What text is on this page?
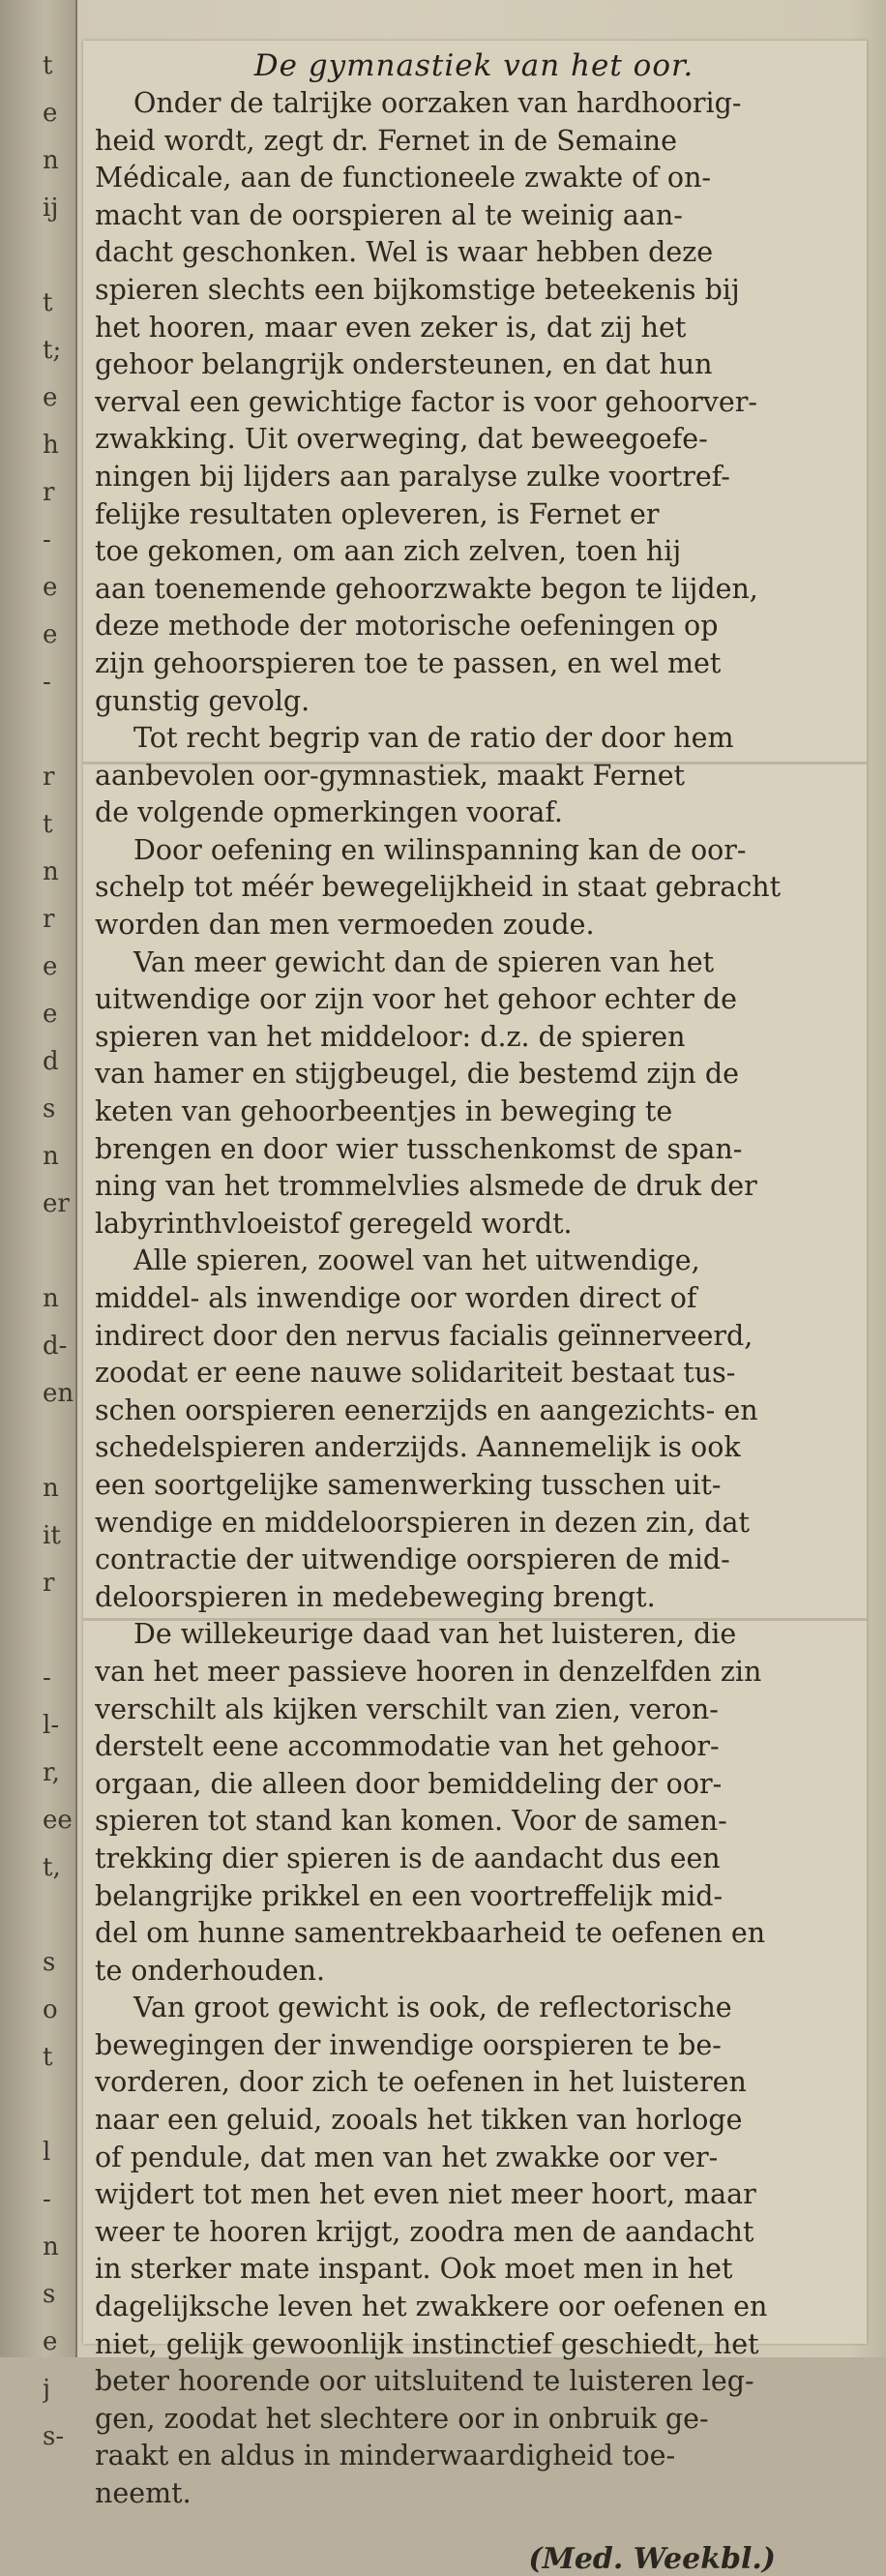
t
e
n
ij
t
t;
e
h
r
-
e
e
-
r
t
n
r
e
e
d
s
n
er
n
d-
en
n
it
r
-
l-
r,
ee
t,
s
o
t
l
-
n
s
e
j
s-
De gymnastiek van het oor.
Onder de talrijke oorzaken van hardhoorig-
heid wordt, zegt dr. Fernet in de Semaine
Médicale, aan de functioneele zwakte of on-
macht van de oorspieren al te weinig aan-
dacht geschonken. Wel is waar hebben deze
spieren slechts een bijkomstige beteekenis bij
het hooren, maar even zeker is, dat zij het
gehoor belangrijk ondersteunen, en dat hun
verval een gewichtige factor is voor gehoorver-
zwakking. Uit overweging, dat beweegoefe-
ningen bij lijders aan paralyse zulke voortref-
felijke resultaten opleveren, is Fernet er
toe gekomen, om aan zich zelven, toen hij
aan toenemende gehoorzwakte begon te lijden,
deze methode der motorische oefeningen op
zijn gehoorspieren toe te passen, en wel met
gunstig gevolg.
Tot recht begrip van de ratio der door hem
aanbevolen oor-gymnastiek, maakt Fernet
de volgende opmerkingen vooraf.
Door oefening en wilinspanning kan de oor-
schelp tot méér bewegelijkheid in staat gebracht
worden dan men vermoeden zoude.
Van meer gewicht dan de spieren van het
uitwendige oor zijn voor het gehoor echter de
spieren van het middeloor: d.z. de spieren
van hamer en stijgbeugel, die bestemd zijn de
keten van gehoorbeentjes in beweging te
brengen en door wier tusschenkomst de span-
ning van het trommelvlies alsmede de druk der
labyrinthvloeistof geregeld wordt.
Alle spieren, zoowel van het uitwendige,
middel- als inwendige oor worden direct of
indirect door den nervus facialis geïnnerveerd,
zoodat er eene nauwe solidariteit bestaat tus-
schen oorspieren eenerzijds en aangezichts- en
schedelspieren anderzijds. Aannemelijk is ook
een soortgelijke samenwerking tusschen uit-
wendige en middeloorspieren in dezen zin, dat
contractie der uitwendige oorspieren de mid-
deloorspieren in medebeweging brengt.
De willekeurige daad van het luisteren, die
van het meer passieve hooren in denzelfden zin
verschilt als kijken verschilt van zien, veron-
derstelt eene accommodatie van het gehoor-
orgaan, die alleen door bemiddeling der oor-
spieren tot stand kan komen. Voor de samen-
trekking dier spieren is de aandacht dus een
belangrijke prikkel en een voortreffelijk mid-
del om hunne samentrekbaarheid te oefenen en
te onderhouden.
Van groot gewicht is ook, de reflectorische
bewegingen der inwendige oorspieren te be-
vorderen, door zich te oefenen in het luisteren
naar een geluid, zooals het tikken van horloge
of pendule, dat men van het zwakke oor ver-
wijdert tot men het even niet meer hoort, maar
weer te hooren krijgt, zoodra men de aandacht
in sterker mate inspant. Ook moet men in het
dagelijksche leven het zwakkere oor oefenen en
niet, gelijk gewoonlijk instinctief geschiedt, het
beter hoorende oor uitsluitend te luisteren leg-
gen, zoodat het slechtere oor in onbruik ge-
raakt en aldus in minderwaardigheid toe-
neemt.
(Med. Weekbl.)
